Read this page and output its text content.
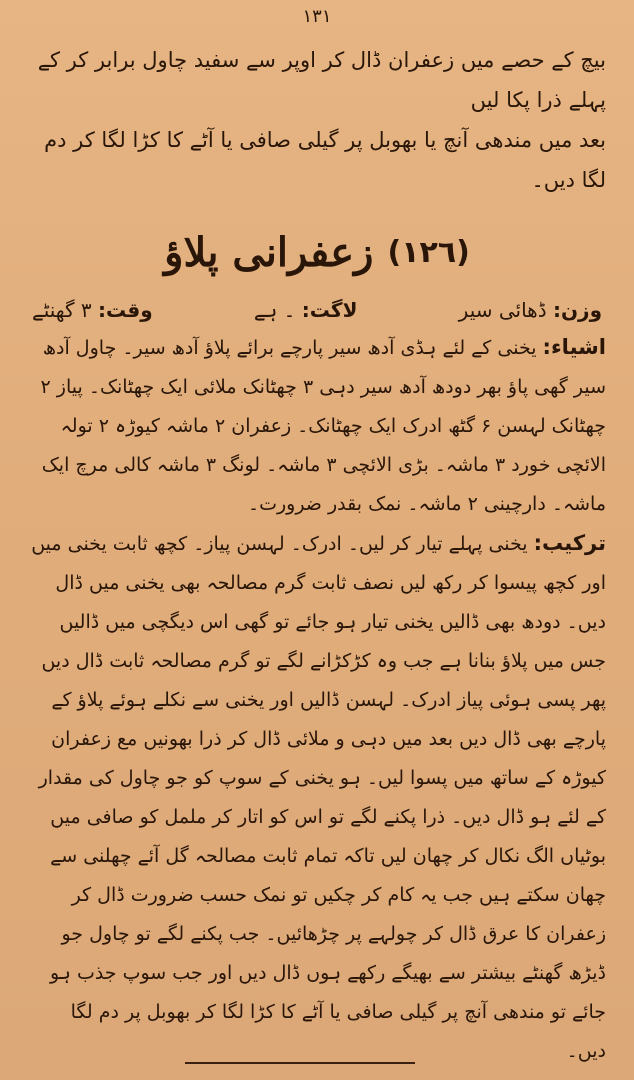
١٣١

بیچ کے حصے میں زعفران ڈال کر اوپر سے سفید چاول برابر کر کے پہلے ذرا پکا لیں

بعد میں مندھی آنچ یا بھوبل پر گیلی صافی یا آٹے کا کڑا لگا کر دم لگا دیں۔

(١٢٦)
زعفرانی پلاؤ
وزن: ڈھائی سیر
لاگت: ۔ ہے
وقت: ۳ گھنٹے

اشیاء: یخنی کے لئے ہڈی آدھ سیر پارچے برائے پلاؤ آدھ سیر۔ چاول آدھ سیر گھی پاؤ بھر دودھ آدھ سیر دہی ۳ چھٹانک ملائی ایک چھٹانک۔ پیاز ۲ چھٹانک لہسن ۶ گٹھ ادرک ایک چھٹانک۔ زعفران ۲ ماشہ کیوڑہ ۲ تولہ الائچی خورد ۳ ماشہ۔ بڑی الائچی ۳ ماشہ۔ لونگ ۳ ماشہ کالی مرچ ایک ماشہ۔ دارچینی ۲ ماشہ۔ نمک بقدر ضرورت۔

ترکیب: یخنی پہلے تیار کر لیں۔ ادرک۔ لہسن پیاز۔ کچھ ثابت یخنی میں اور کچھ پیسوا کر رکھ لیں نصف ثابت گرم مصالحہ بھی یخنی میں ڈال دیں۔ دودھ بھی ڈالیں یخنی تیار ہو جائے تو گھی اس دیگچی میں ڈالیں جس میں پلاؤ بنانا ہے جب وہ کڑکڑانے لگے تو گرم مصالحہ ثابت ڈال دیں پھر پسی ہوئی پیاز ادرک۔ لہسن ڈالیں اور یخنی سے نکلے ہوئے پلاؤ کے پارچے بھی ڈال دیں بعد میں دہی و ملائی ڈال کر ذرا بھونیں مع زعفران کیوڑہ کے ساتھ میں پسوا لیں۔ ہو یخنی کے سوپ کو جو چاول کی مقدار کے لئے ہو ڈال دیں۔ ذرا پکنے لگے تو اس کو اتار کر ململ کو صافی میں بوٹیاں الگ نکال کر چھان لیں تاکہ تمام ثابت مصالحہ گل آئے چھلنی سے چھان سکتے ہیں جب یہ کام کر چکیں تو نمک حسب ضرورت ڈال کر زعفران کا عرق ڈال کر چولہے پر چڑھائیں۔ جب پکنے لگے تو چاول جو ڈیڑھ گھنٹے بیشتر سے بھیگے رکھے ہوں ڈال دیں اور جب سوپ جذب ہو جائے تو مندھی آنچ پر گیلی صافی یا آٹے کا کڑا لگا کر بھوبل پر دم لگا دیں۔
